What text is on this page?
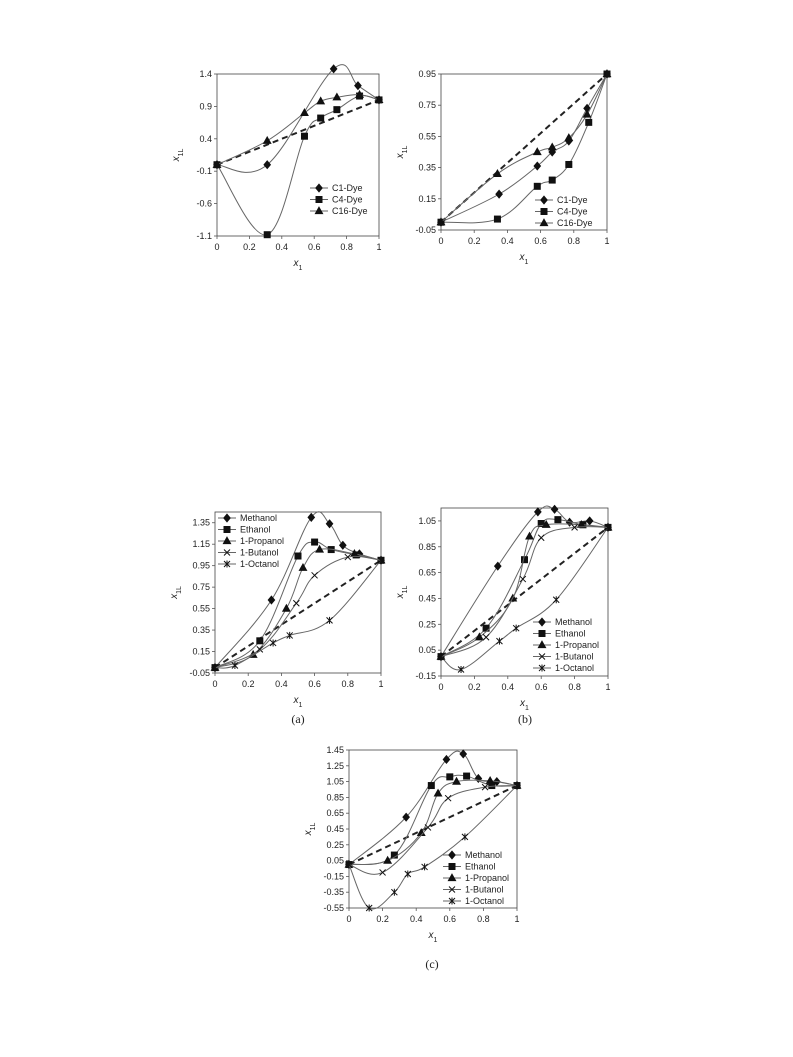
0	0.2 0.4 0.6 0.8	1
-1.1
-0.6
-0.1
0.4
0.9
1.4
$x_1$
$x_{1L}$
C1-Dye
C4-Dye
C16-Dye
0	0.2 0.4 0.6 0.8	1
-0.05
0.15
0.35
0.55
0.75
0.95
$x_1$
$x_{1L}$
C1-Dye
C4-Dye
C16-Dye
0	0.2 0.4 0.6 0.8	1
-0.05
0.15
0.35
0.55
0.75
0.95
1.15
1.35
$x_1$
$x_{1L}$
Methanol
Ethanol
1-Propanol
1-Butanol
1-Octanol
(a)
0	0.2 0.4 0.6 0.8	1
-0.15
0.05
0.25
0.45
0.65
0.85
1.05
$x_1$
$x_{1L}$
Methanol
Ethanol
1-Propanol
1-Butanol
1-Octanol
(b)
0	0.2 0.4 0.6 0.8	1
-0.55
-0.35
-0.15
0.05
0.25
0.45
0.65
0.85
1.05
1.25
1.45
$x_1$
$x_{1L}$
Methanol
Ethanol
1-Propanol
1-Butanol
1-Octanol
(c)
